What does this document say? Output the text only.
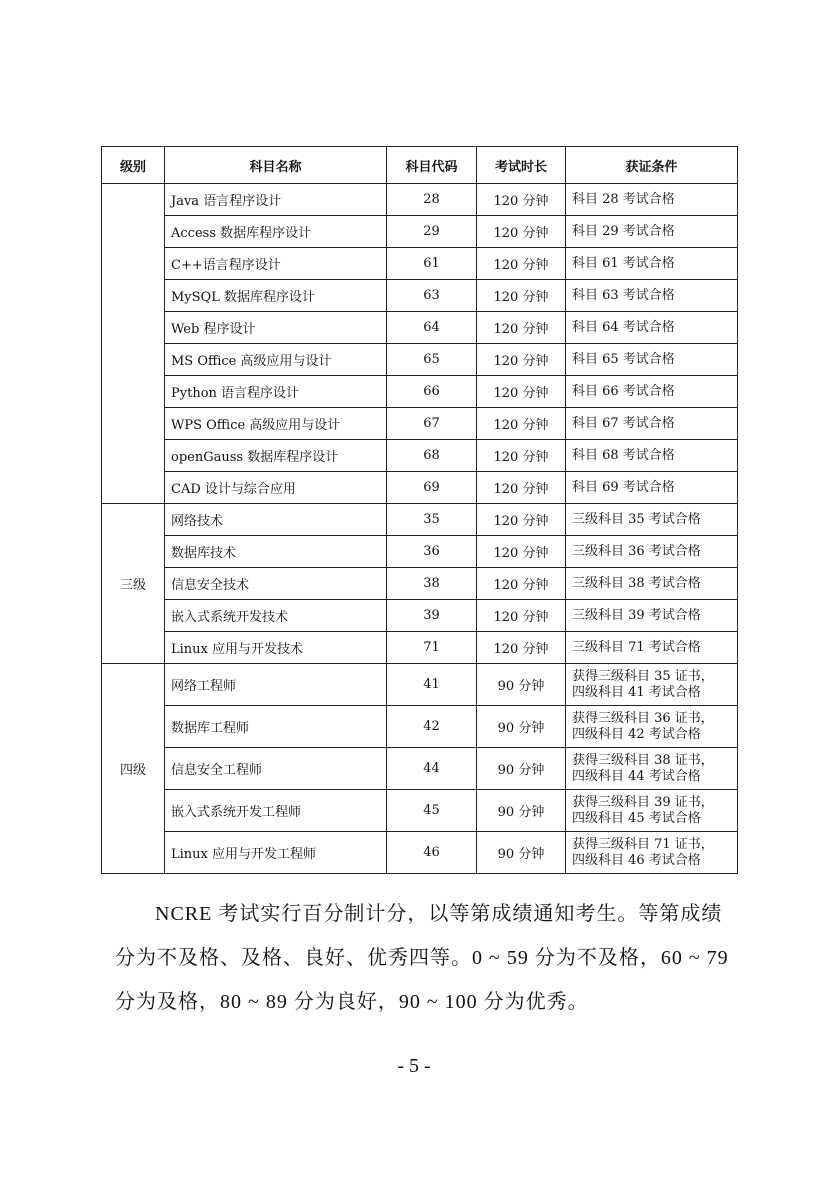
级别	科目名称	科目代码	考试时长	获证条件
	Java 语言程序设计	28	120 分钟	科目 28 考试合格

	Access 数据库程序设计	29	120 分钟	科目 29 考试合格

	C++语言程序设计	61	120 分钟	科目 61 考试合格

	MySQL 数据库程序设计	63	120 分钟	科目 63 考试合格

	Web 程序设计	64	120 分钟	科目 64 考试合格

	MS Office 高级应用与设计	65	120 分钟	科目 65 考试合格

	Python 语言程序设计	66	120 分钟	科目 66 考试合格

	WPS Office 高级应用与设计	67	120 分钟	科目 67 考试合格

	openGauss 数据库程序设计	68	120 分钟	科目 68 考试合格

	CAD 设计与综合应用	69	120 分钟	科目 69 考试合格

三级	网络技术	35	120 分钟	三级科目 35 考试合格

	数据库技术	36	120 分钟	三级科目 36 考试合格

	信息安全技术	38	120 分钟	三级科目 38 考试合格

	嵌入式系统开发技术	39	120 分钟	三级科目 39 考试合格

	Linux 应用与开发技术	71	120 分钟	三级科目 71 考试合格

四级	网络工程师	41	90 分钟	获得三级科目 35 证书，
四级科目 41 考试合格

	数据库工程师	42	90 分钟	获得三级科目 36 证书，
四级科目 42 考试合格

	信息安全工程师	44	90 分钟	获得三级科目 38 证书，
四级科目 44 考试合格

	嵌入式系统开发工程师	45	90 分钟	获得三级科目 39 证书，
四级科目 45 考试合格

	Linux 应用与开发工程师	46	90 分钟	获得三级科目 71 证书，
四级科目 46 考试合格
NCRE 考试实行百分制计分，以等第成绩通知考生。等第成绩分为不及格、及格、良好、优秀四等。0 ~ 59 分为不及格，60 ~ 79 分为及格，80 ~ 89 分为良好，90 ~ 100 分为优秀。
- 5 -
